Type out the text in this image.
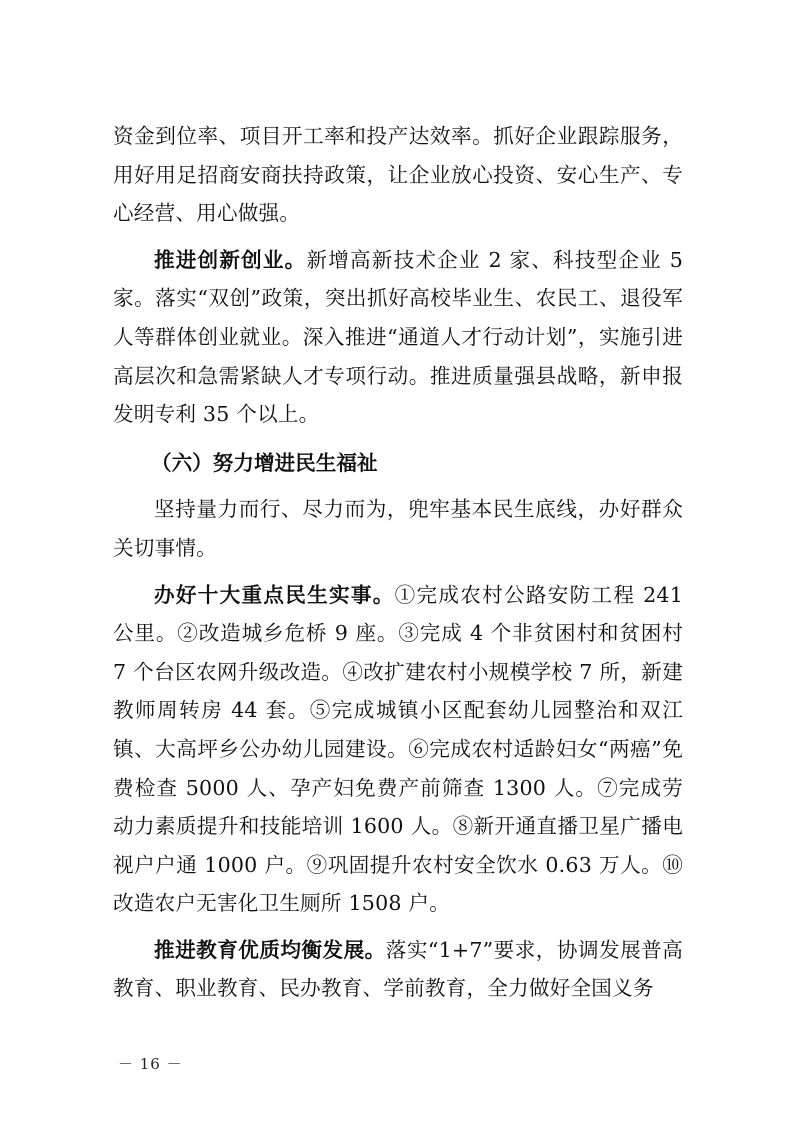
资金到位率、项目开工率和投产达效率。抓好企业跟踪服务，用好用足招商安商扶持政策，让企业放心投资、安心生产、专心经营、用心做强。

推进创新创业。新增高新技术企业 2 家、科技型企业 5 家。落实“双创”政策，突出抓好高校毕业生、农民工、退役军人等群体创业就业。深入推进“通道人才行动计划”，实施引进高层次和急需紧缺人才专项行动。推进质量强县战略，新申报发明专利 35 个以上。

（六）努力增进民生福祉

坚持量力而行、尽力而为，兜牢基本民生底线，办好群众关切事情。

办好十大重点民生实事。①完成农村公路安防工程 241 公里。②改造城乡危桥 9 座。③完成 4 个非贫困村和贫困村 7 个台区农网升级改造。④改扩建农村小规模学校 7 所，新建教师周转房 44 套。⑤完成城镇小区配套幼儿园整治和双江镇、大高坪乡公办幼儿园建设。⑥完成农村适龄妇女“两癌”免费检查 5000 人、孕产妇免费产前筛查 1300 人。⑦完成劳动力素质提升和技能培训 1600 人。⑧新开通直播卫星广播电视户户通 1000 户。⑨巩固提升农村安全饮水 0.63 万人。⑩改造农户无害化卫生厕所 1508 户。

推进教育优质均衡发展。落实“1+7”要求，协调发展普高教育、职业教育、民办教育、学前教育，全力做好全国义务

－ 16 －
